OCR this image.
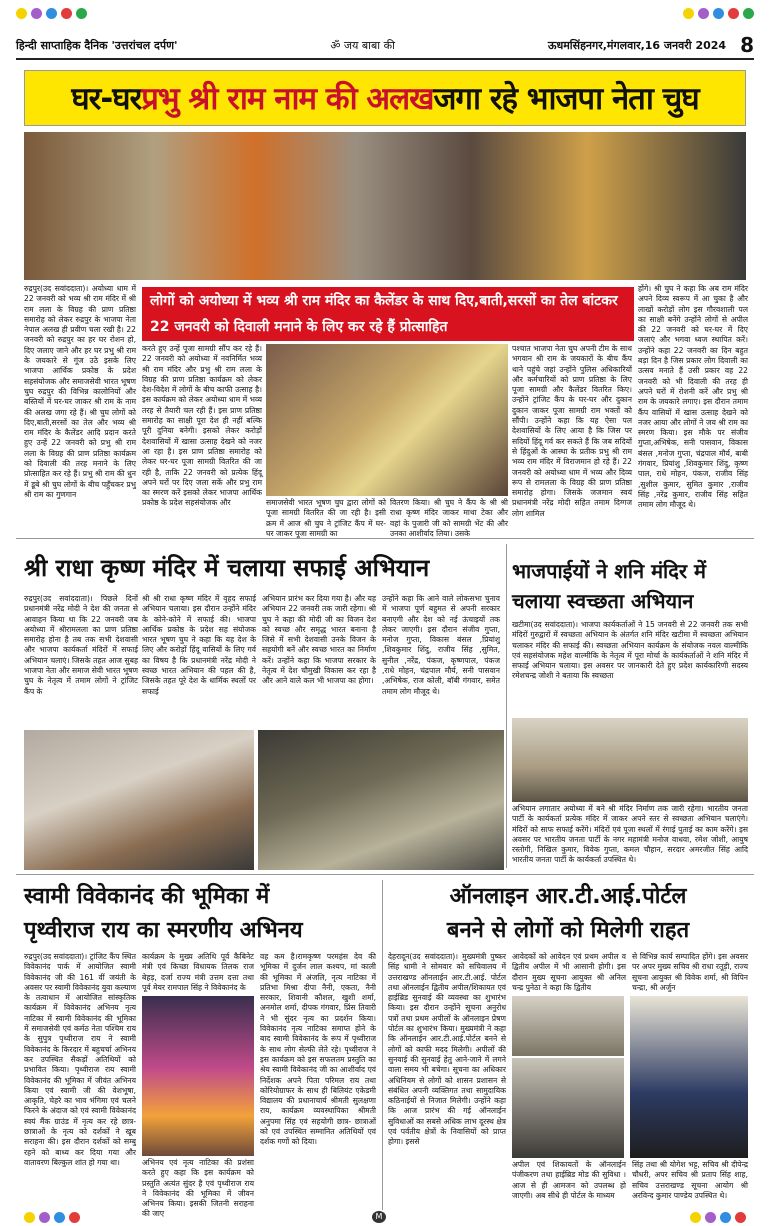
हिन्दी साप्ताहिक दैनिक 'उत्तरांचल दर्पण'	ॐ जय बाबा की	ऊधमसिंहनगर,मंगलवार,16 जनवरी 2024 8
घर-घर प्रभु श्री राम नाम की अलख जगा रहे भाजपा नेता चुघ
लोगों को अयोध्या में भव्य श्री राम मंदिर का कैलेंडर के साथ दिए,बाती,सरसों का तेल बांटकर 22 जनवरी को दिवाली मनाने के लिए कर रहे हैं प्रोत्साहित
रुद्रपुर(उद सवांददाता)। अयोध्या धाम में 22 जनवरी को भव्य श्री राम मंदिर में श्री राम लला के विग्रह की प्राण प्रतिष्ठा समारोह को लेकर रुद्रपुर के भाजपा नेता नेपाल अलख ही प्रवीण चला रखी है। 22 जनवरी को रुद्रपुर का हर घर रोशन हो, दिए जलाए जाने और हर घर प्रभु श्री राम के जयकारे से गूंज उठे इसके लिए भाजपा आर्थिक प्रकोष्ठ के प्रदेश सहसंयोजक और समाजसेवी भारत भूषण चुघ रुद्रपुर की विभिन्न कालोनियों और बस्तियों में घर-घर जाकर श्री राम के नाम की अलख जगा रहे हैं। श्री चुघ लोगों को दिए,बाती,सरसों का तेल और भव्य श्री राम मंदिर के कैलेंडर आदि प्रदान करते हुए उन्हें 22 जनवरी को प्रभु श्री राम लला के विग्रह की प्राण प्रतिष्ठा कार्यक्रम को दिवाली की तरह मनाने के लिए प्रोत्साहित कर रहे हैं। प्रभु श्री राम की धुन में डूबे श्री चुघ लोगों के बीच पहुँचकर प्रभु श्री राम का गुणगान
करते हुए उन्हें पूजा सामग्री सौंप कर रहे हैं। 22 जनवरी को अयोध्या में नवनिर्मित भव्य श्री राम मंदिर और प्रभु श्री राम लला के विग्रह की प्राण प्रतिष्ठा कार्यक्रम को लेकर देश-विदेश में लोगों के बीच काफी उत्साह है। इस कार्यक्रम को लेकर अयोध्या धाम में भव्य तरह से तैयारी चल रही हैं। इस प्राण प्रतिष्ठा समारोह का साक्षी पूरा देश ही नहीं बल्कि पूरी दुनिया बनेगी। इसको लेकर करोड़ों देशवासियों में खासा उत्साह देखने को नजर आ रहा है। इस प्राण प्रतिष्ठा समारोह को लेकर घर-घर पूजा सामग्री वितरित की जा रही है, ताकि 22 जनवरी को प्रत्येक हिंदू अपने घरों पर दिए जला सकें और प्रभु राम का स्मरण करें इसको लेकर भाजपा आर्थिक प्रकोष्ठ के प्रदेश सहसंयोजक और	समाजसेवी भारत भूषण चुघ द्वारा लोगों को पूजा सामग्री वितरित की जा रही है। इसी क्रम में आज श्री चुघ ने ट्रांजिट कैंप में घर-घर जाकर पूजा सामग्री का
वितरण किया। श्री चुघ ने कैंप के श्री श्री राधा कृष्ण मंदिर जाकर माथा टेका और वहां के पुजारी जी को सामग्री भेंट की और उनका आशीर्वाद लिया। उसके
पश्चात भाजपा नेता चुघ अपनी टीम के साथ भगवान श्री राम के जयकारों के बीच कैंप थाने पहुंचे जहां उन्होंने पुलिस अधिकारियों और कर्मचारियों को प्राण प्रतिष्ठा के लिए पूजा सामग्री और कैलेंडर वितरित किए। उन्होंने ट्रांजिट कैंप के घर-घर और दुकान दुकान जाकर पूजा सामग्री राम भक्तों को सौंपी। उन्होंने कहा कि यह ऐसा पल देशवासियों के लिए आया है कि जिस पर सदियों हिंदू गर्व कर सकते हैं कि जब सदियों से हिंदुओं के आस्था के प्रतीक प्रभु श्री राम भव्य राम मंदिर में विराजमान हो रहे हैं। 22 जनवरी को अयोध्या धाम में भव्य और दिव्य रूप से रामलला के विग्रह की प्राण प्रतिष्ठा समारोह होगा। जिसके जजमान स्वयं प्रधानमंत्री नरेंद्र मोदी सहित तमाम दिग्गज लोग शामिल
होंगे। श्री चुघ ने कहा कि अब राम मंदिर अपने दिव्य स्वरूप में आ चुका है और लाखों करोड़ों लोग इस गौरवशाली पल का साक्षी बनेंगे उन्होंने लोगों से अपील की 22 जनवरी को घर-घर में दिए जलाएं और भगवा ध्वज स्थापित करें। उन्होंने कहा 22 जनवरी का दिन बहुत बड़ा दिन है जिस प्रकार लोग दिवाली का उत्सव मनाते हैं उसी प्रकार वह 22 जनवरी को भी दिवाली की तरह ही अपने घरों में रोशनी करें और प्रभु श्री राम के जयकारे लगाए। इस दौरान तमाम कैंप वासियों में खास उत्साह देखने को नजर आया और लोगों ने जय श्री राम का स्मरण किया। इस मौके पर संजीव गुप्ता,अभिषेक, सनी पासवान, विकास बंसल ,मनोज गुप्ता, चंद्रपाल मौर्य, बाबी गंगवार, प्रियांशु ,शिवकुमार शिंदु, कृष्ण पाल, राधे मोहन, पंकज, राजीव सिंह ,सुशील कुमार, सुमित कुमार ,राजीव सिंह ,नरेंद्र कुमार, राजीव सिंह सहित तमाम लोग मौजूद थे।
श्री राधा कृष्ण मंदिर में चलाया सफाई अभियान
रुद्रपुर(उद सवांददाता)। पिछले दिनों प्रधानमंत्री नरेंद्र मोदी ने देश की जनता से आवाहन किया था कि 22 जनवरी जब अयोध्या में श्रीरामलला का प्राण प्रतिष्ठा समारोह होना है तब तक सभी देशवासी और भाजपा कार्यकर्ता मंदिरों में सफाई अभियान चलाएं। जिसके तहत आज सुबह भाजपा नेता और समाज सेवी भारत भूषण चुघ के नेतृत्व में तमाम लोगों ने ट्रांजिट कैंप के
श्री श्री राधा कृष्ण मंदिर में वृहद सफाई अभियान चलाया। इस दौरान उन्होंने मंदिर के कोने-कोने में सफाई की। भाजपा आर्थिक प्रकोष्ठ के प्रदेश सह संयोजक भारत भूषण चुघ ने कहा कि यह देश के लिए और करोड़ों हिंदू वासियों के लिए गर्व का विषय है कि प्रधानमंत्री नरेंद्र मोदी ने स्वच्छ भारत अभियान की पहल की है, जिसके तहत पूरे देश के धार्मिक स्थलों पर सफाई
अभियान प्रारंभ कर दिया गया है। और यह अभियान 22 जनवरी तक जारी रहेगा। श्री चुघ ने कहा की मोदी जी का विजन देश को स्वच्छ और समृद्ध भारत बनाना है जिसे में सभी देशवासी उनके विजन के सहयोगी बनें और स्वच्छ भारत का निर्माण करें। उन्होंने कहा कि भाजपा सरकार के नेतृत्व में देश चौमुखी विकास कर रहा है और आने वाले कल भी भाजपा का होगा।
उन्होंने कहा कि आने वाले लोकसभा चुनाव में भाजपा पूर्ण बहुमत से अपनी सरकार बनाएगी और देश को नई ऊंचाइयों तक लेकर जाएगी। इस दौरान संजीव गुप्ता, मनोज गुप्ता, विकास बंसल ,प्रियांशु ,शिवकुमार शिंदु, राजीव सिंह ,सुमित, सुनील ,नरेंद्र, पंकज, कृष्णपाल, पंकज ,राधे मोहन, चंद्रपाल मौर्य, सनी पासवान ,अभिषेक, राज कोली, बॉबी गंगवार, समेत तमाम लोग मौजूद थे।
भाजपाईयों ने शनि मंदिर में
चलाया स्वच्छता अभियान
खटीमा(उद सवांददाता)। भाजपा कार्यकर्ताओं ने 15 जनवरी से 22 जनवरी तक सभी मंदिरों गुरुद्वारों में स्वच्छता अभियान के अंतर्गत शनि मंदिर खटीमा में स्वच्छता अभियान चलाकर मंदिर की सफाई की। स्वच्छता अभियान कार्यक्रम के संयोजक नवल वाल्मीकि एवं सहसंयोजक महेश वाल्मीकि के नेतृत्व में पूरा मोर्चा के कार्यकर्ताओं ने शनि मंदिर में सफाई अभियान चलाया। इस अवसर पर जानकारी देते हुए प्रदेश कार्यकारिणी सदस्य रमेशचन्द्र जोशी ने बताया कि स्वच्छता
अभियान लगातार अयोध्या में बने श्री मंदिर निर्माण तक जारी रहेगा। भारतीय जनता पार्टी के कार्यकर्ता प्रत्येक मंदिर में जाकर अपने स्तर से स्वच्छता अभियान चलाएंगे। मंदिरों को साफ सफाई करेंगे। मंदिरों एवं पूजा स्थलों में रंगाई पुताई का काम करेंगे। इस अवसर पर भारतीय जनता पार्टी के नगर महामंत्री मनोज वाधवा, रमेश जोशी, आयुष रस्तोगी, निखिल कुमार, विवेक गुप्ता, कमल चौहान, सरदार अमरजीत सिंह आदि भारतीय जनता पार्टी के कार्यकर्ता उपस्थित थे।
स्वामी विवेकानंद की भूमिका में
पृथ्वीराज राय का स्मरणीय अभिनय
रुद्रपुर(उद सवांददाता)। ट्रांजिट कैंप स्थित विवेकानंद पार्क में आयोजित स्वामी विवेकानंद जी की 161 वीं जयंती के अवसर पर स्वामी विवेकानंद युवा कल्याण के तत्वाधान में आयोजित सांस्कृतिक कार्यक्रम में विवेकानंद अभिनय नृत्य नाटिका में स्वामी विवेकानंद की भूमिका में समाजसेवी एवं कर्मठ नेता पश्चिम राय के सुपुत्र पृथ्वीराज राय ने स्वामी विवेकानंद के किरदार में बहुचर्चा अभिनय कर उपस्थित सैकड़ों अतिथियों को प्रभावित किया। पृथ्वीराज राय स्वामी विवेकानंद की भूमिका में जीवंत अभिनय किया एवं स्वामी जी की वेशभूषा, आकृति, चेहरे का भाव भंगिमा एवं चलने फिरने के अंदाज को एवं स्वामी विवेकानंद स्वयं मैंक ग्राउंड में नृत्य कर रहे छात्र-छात्राओं के नृत्य को दर्शकों ने खूब सराहना की। इस दौरान दर्शकों को सम्बु रहने को बाध्य कर दिया गया और वातावरण बिल्कुल शांत हो गया था।
कार्यक्रम के मुख्य अतिथि पूर्व कैबिनेट मंत्री एवं किच्छा विधायक तिलक राज बेहड़, दर्जा राज्य मंत्री उत्तम दत्ता तथा पूर्व मेयर रामपाल सिंह ने विवेकानंद के
अभिनय एवं नृत्य नाटिका की प्रशंसा करते हुए कहा कि इस कार्यक्रम को प्रस्तुति अत्यंत सुंदर है एवं पृथ्वीराज राय ने विवेकानंद की भूमिका में जीवन अभिनय किया। इसकी जितनी सराहना की जाए
वह कम है।रामकृष्ण परमहंस देव की भूमिका में दुर्जन लाल कश्यप, मां काली की भूमिका में अंजलि, नृत्य नाटिका में प्रतिभा मिश्रा दीपा नैनी, एकता, नैनी सरकार, शिवानी कौशल, खुशी शर्मा, अनमोल शर्मा, दीपक गंगवार, प्रिंस तिवारी ने भी सुंदर नृत्य का प्रदर्शन किया। विवेकानंद नृत्य नाटिका समाप्त होने के बाद स्वामी विवेकानंद के रूप में पृथ्वीराज के साथ लोग सेल्फी लेते रहे। पृथ्वीराज ने इस कार्यक्रम को इस सफलतम प्रस्तुति का श्रेय स्वामी विवेकानंद जी का आशीर्वाद एवं निर्देशक अपने पिता परिमल राय तथा कोरियोग्राफर के साथ ही बिलियंट एकेडमी विद्यालय की प्रधानाचार्य श्रीमती सुलक्षणा राय, कार्यक्रम व्यवस्थापिका श्रीमती अनुपमा सिंह एवं सहयोगी छात्र- छात्राओं को एवं उपस्थित सम्मानित अतिथियों एवं दर्शक गणों को दिया।
ऑनलाइन आर.टी.आई.पोर्टल
बनने से लोगों को मिलेगी राहत
देहरादून(उद सवांददाता)। मुख्यमंत्री पुष्कर सिंह धामी ने सोमवार को सचिवालय में उत्तराखण्ड ऑनलाईन आर.टी.आई. पोर्टल तथा ऑनलाईन द्वितीय अपील/शिकायत एवं हाईब्रिड सुनवाई की व्यवस्था का शुभारंभ किया। इस दौरान उन्होंने सूचना अनुरोध पत्रों तथा प्रथम अपीलों के ऑनलाइन प्रेषण पोर्टल का शुभारंभ किया। मुख्यमंत्री ने कहा कि ऑनलाईन आर.टी.आई.पोर्टल बनने से लोगों को काफी मदद मिलेगी। अपीलों की सुनवाई की सुनवाई हेतु आने-जाने में लगने वाला समय भी बचेगा। सूचना का अधिकार अधिनियम से लोगों को शासन प्रशासन से संबंधित अपनी व्यक्तिगत तथा सामुदायिक कठिनाईयों से निजात मिलेगी। उन्होंने कहा कि आज प्रारंभ की गई ऑनलाईन सुविधाओं का सबसे अधिक लाभ दूरस्थ क्षेत्र एवं पर्वतीय क्षेत्रों के निवासियों को प्राप्त होगा। इससे
आवेदकों को आवेदन एवं प्रथम अपील व द्वितीय अपील में भी आसानी होगी। इस दौरान मुख्य सूचना आयुक्त श्री अनिल चन्द्र पुनेठा ने कहा कि द्वितीय
से विभिन्न कार्य सम्पादित होंगे। इस अवसर पर अपर मुख्य सचिव श्री राधा रतूड़ी, राज्य सूचना आयुक्त श्री विवेक शर्मा, श्री विपिन चन्द्रा, श्री अर्जुन
अपील एवं शिकायतों के ऑनलाईन पंजीकरण तथा हाईब्रिड मोड की सुविधा । आज से ही आमजन को उपलब्ध हो जाएगी। अब सीधे ही पोर्टल के माध्यम
सिंह तथा श्री योगेश भट्ट, सचिव श्री दीपेन्द्र चौधरी, अपर सचिव श्री प्रताप सिंह शाह, सचिव उत्तराखण्ड सूचना आयोग श्री अरविन्द कुमार पाण्डेय उपस्थित थे।
M
